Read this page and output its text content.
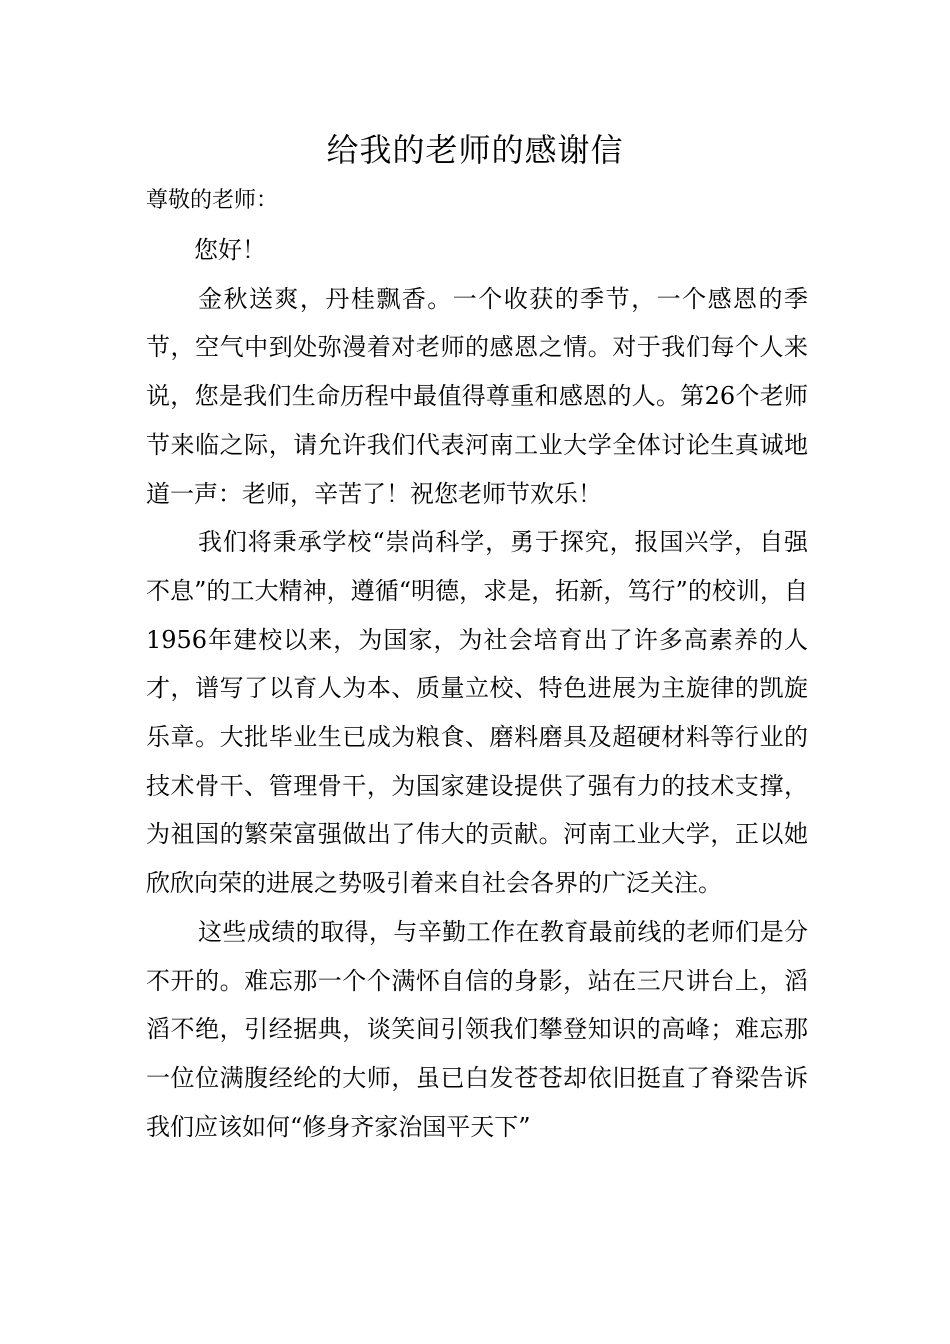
给我的老师的感谢信
尊敬的老师：

您好！

金秋送爽，丹桂飘香。一个收获的季节，一个感恩的季节，空气中到处弥漫着对老师的感恩之情。对于我们每个人来说，您是我们生命历程中最值得尊重和感恩的人。第26个老师节来临之际，请允许我们代表河南工业大学全体讨论生真诚地道一声：老师，辛苦了！祝您老师节欢乐！

我们将秉承学校“崇尚科学，勇于探究，报国兴学，自强不息”的工大精神，遵循“明德，求是，拓新，笃行”的校训，自1956年建校以来，为国家，为社会培育出了许多高素养的人才，谱写了以育人为本、质量立校、特色进展为主旋律的凯旋乐章。大批毕业生已成为粮食、磨料磨具及超硬材料等行业的技术骨干、管理骨干，为国家建设提供了强有力的技术支撑，为祖国的繁荣富强做出了伟大的贡献。河南工业大学，正以她欣欣向荣的进展之势吸引着来自社会各界的广泛关注。

这些成绩的取得，与辛勤工作在教育最前线的老师们是分不开的。难忘那一个个满怀自信的身影，站在三尺讲台上，滔滔不绝，引经据典，谈笑间引领我们攀登知识的高峰；难忘那一位位满腹经纶的大师，虽已白发苍苍却依旧挺直了脊梁告诉我们应该如何“修身齐家治国平天下”
